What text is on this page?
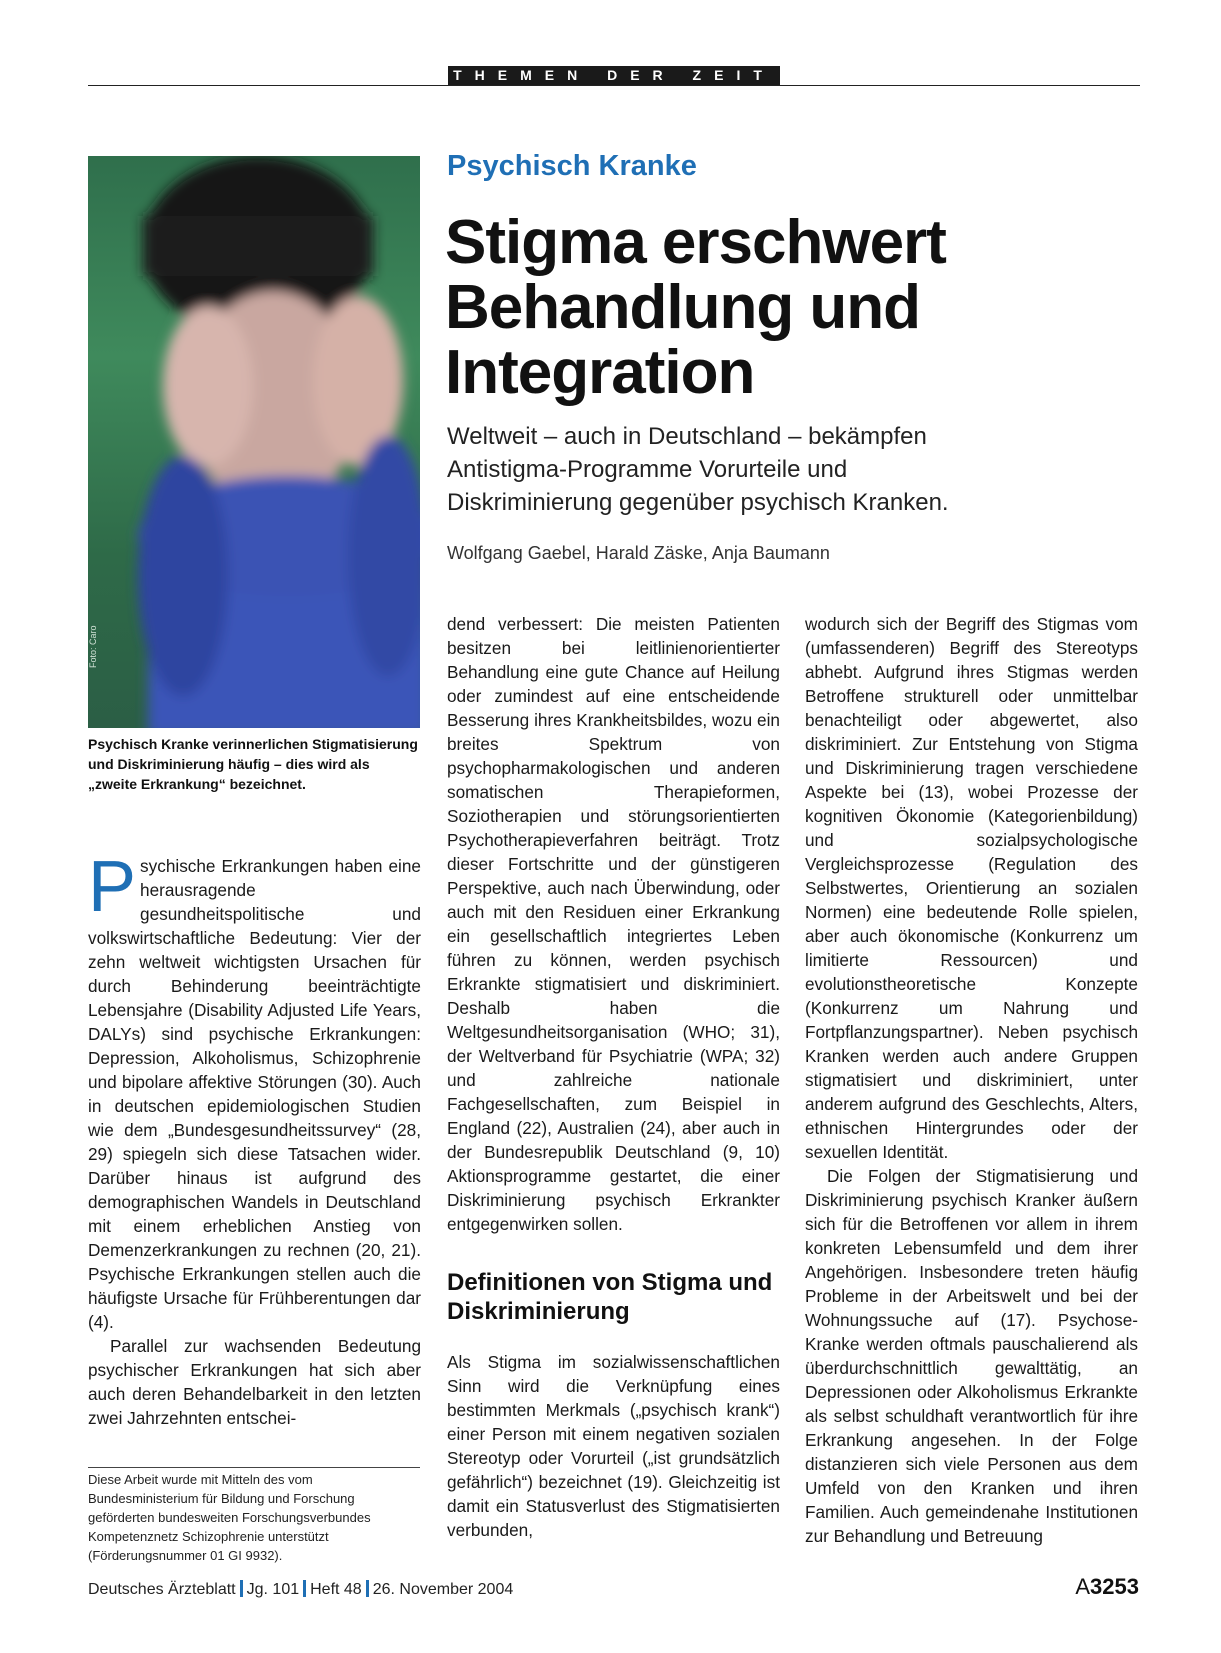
THEMEN DER ZEIT
Foto: Caro
Psychisch Kranke verinnerlichen Stigmatisierung und Diskriminierung häufig – dies wird als „zweite Erkrankung“ bezeichnet.
Psychisch Kranke
Stigma erschwert Behandlung und Integration
Weltweit – auch in Deutschland – bekämpfen Antistigma-Programme Vorurteile und Diskriminierung gegenüber psychisch Kranken.
Wolfgang Gaebel, Harald Zäske, Anja Baumann

Psychische Erkrankungen haben eine herausragende gesundheitspolitische und volkswirtschaftliche Bedeutung: Vier der zehn weltweit wichtigsten Ursachen für durch Behinderung beeinträchtigte Lebensjahre (Disability Adjusted Life Years, DALYs) sind psychische Erkrankungen: Depression, Alkoholismus, Schizophrenie und bipolare affektive Störungen (30). Auch in deutschen epidemiologischen Studien wie dem „Bundesgesundheitssurvey“ (28, 29) spiegeln sich diese Tatsachen wider. Darüber hinaus ist aufgrund des demographischen Wandels in Deutschland mit einem erheblichen Anstieg von Demenzerkrankungen zu rechnen (20, 21). Psychische Erkrankungen stellen auch die häufigste Ursache für Frühberentungen dar (4).

Parallel zur wachsenden Bedeutung psychischer Erkrankungen hat sich aber auch deren Behandelbarkeit in den letzten zwei Jahrzehnten entschei-

dend verbessert: Die meisten Patienten besitzen bei leitlinienorientierter Behandlung eine gute Chance auf Heilung oder zumindest auf eine entscheidende Besserung ihres Krankheitsbildes, wozu ein breites Spektrum von psychopharmakologischen und anderen somatischen Therapieformen, Soziotherapien und störungsorientierten Psychotherapieverfahren beiträgt. Trotz dieser Fortschritte und der günstigeren Perspektive, auch nach Überwindung, oder auch mit den Residuen einer Erkrankung ein gesellschaftlich integriertes Leben führen zu können, werden psychisch Erkrankte stigmatisiert und diskriminiert. Deshalb haben die Weltgesundheitsorganisation (WHO; 31), der Weltverband für Psychiatrie (WPA; 32) und zahlreiche nationale Fachgesellschaften, zum Beispiel in England (22), Australien (24), aber auch in der Bundesrepublik Deutschland (9, 10) Aktionsprogramme gestartet, die einer Diskriminierung psychisch Erkrankter entgegenwirken sollen.

Definitionen von Stigma und Diskriminierung

Als Stigma im sozialwissenschaftlichen Sinn wird die Verknüpfung eines bestimmten Merkmals („psychisch krank“) einer Person mit einem negativen sozialen Stereotyp oder Vorurteil („ist grundsätzlich gefährlich“) bezeichnet (19). Gleichzeitig ist damit ein Statusverlust des Stigmatisierten verbunden,

wodurch sich der Begriff des Stigmas vom (umfassenderen) Begriff des Stereotyps abhebt. Aufgrund ihres Stigmas werden Betroffene strukturell oder unmittelbar benachteiligt oder abgewertet, also diskriminiert. Zur Entstehung von Stigma und Diskriminierung tragen verschiedene Aspekte bei (13), wobei Prozesse der kognitiven Ökonomie (Kategorienbildung) und sozialpsychologische Vergleichsprozesse (Regulation des Selbstwertes, Orientierung an sozialen Normen) eine bedeutende Rolle spielen, aber auch ökonomische (Konkurrenz um limitierte Ressourcen) und evolutionstheoretische Konzepte (Konkurrenz um Nahrung und Fortpflanzungspartner). Neben psychisch Kranken werden auch andere Gruppen stigmatisiert und diskriminiert, unter anderem aufgrund des Geschlechts, Alters, ethnischen Hintergrundes oder der sexuellen Identität.

Die Folgen der Stigmatisierung und Diskriminierung psychisch Kranker äußern sich für die Betroffenen vor allem in ihrem konkreten Lebensumfeld und dem ihrer Angehörigen. Insbesondere treten häufig Probleme in der Arbeitswelt und bei der Wohnungssuche auf (17). Psychose-Kranke werden oftmals pauschalierend als überdurchschnittlich gewalttätig, an Depressionen oder Alkoholismus Erkrankte als selbst schuldhaft verantwortlich für ihre Erkrankung angesehen. In der Folge distanzieren sich viele Personen aus dem Umfeld von den Kranken und ihren Familien. Auch gemeindenahe Institutionen zur Behandlung und Betreuung

Diese Arbeit wurde mit Mitteln des vom Bundesministerium für Bildung und Forschung geförderten bundesweiten Forschungsverbundes Kompetenznetz Schizophrenie unterstützt (Förderungsnummer 01 GI 9932).
Deutsches Ärzteblatt Jg. 101 Heft 48 26. November 2004	A3253
